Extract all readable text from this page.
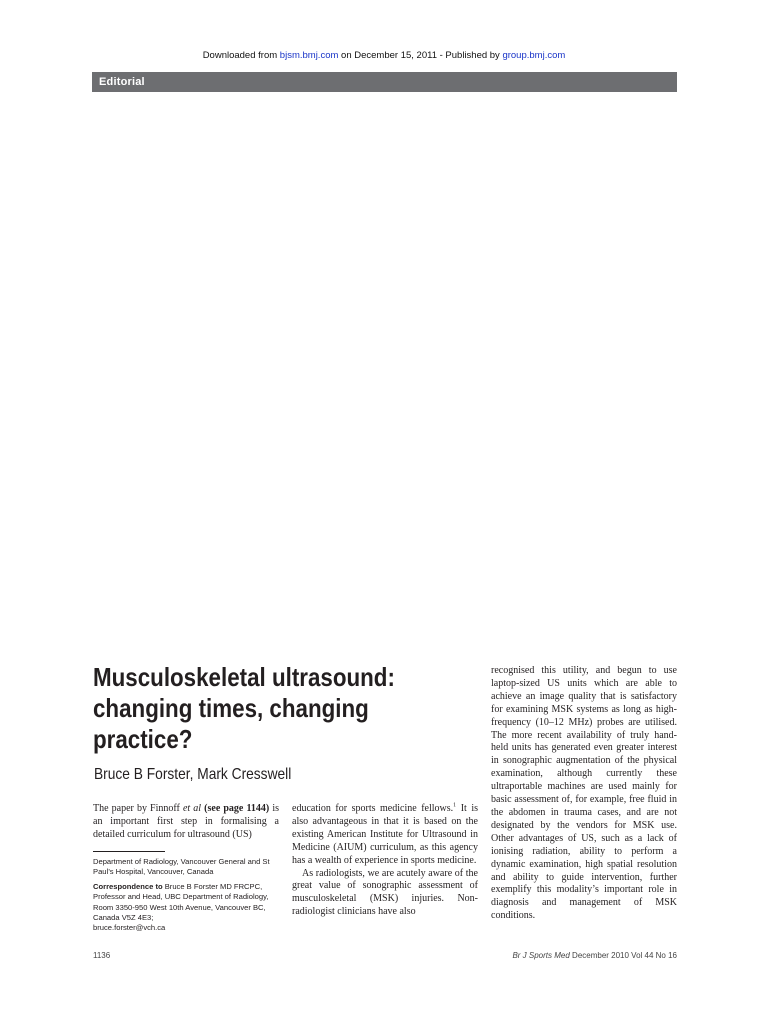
Downloaded from bjsm.bmj.com on December 15, 2011 - Published by group.bmj.com
Editorial
Musculoskeletal ultrasound:
changing times, changing
practice?
Bruce B Forster, Mark Cresswell

The paper by Finnoff et al (see page 1144) is an important first step in formalising a detailed curriculum for ultrasound (US)

Department of Radiology, Vancouver General and St Paul’s Hospital, Vancouver, Canada

Correspondence to Bruce B Forster MD FRCPC, Professor and Head, UBC Department of Radiology, Room 3350-950 West 10th Avenue, Vancouver BC, Canada V5Z 4E3;
bruce.forster@vch.ca

education for sports medicine fellows.$^1$ It is also advantageous in that it is based on the existing American Institute for Ultrasound in Medicine (AIUM) curriculum, as this agency has a wealth of experience in sports medicine.

As radiologists, we are acutely aware of the great value of sonographic assessment of musculoskeletal (MSK) injuries. Non-radiologist clinicians have also

recognised this utility, and begun to use laptop-sized US units which are able to achieve an image quality that is satisfactory for examining MSK systems as long as high-frequency (10–12 MHz) probes are utilised. The more recent availability of truly hand-held units has generated even greater interest in sonographic augmentation of the physical examination, although currently these ultraportable machines are used mainly for basic assessment of, for example, free fluid in the abdomen in trauma cases, and are not designated by the vendors for MSK use. Other advantages of US, such as a lack of ionising radiation, ability to perform a dynamic examination, high spatial resolution and ability to guide intervention, further exemplify this modality’s important role in diagnosis and management of MSK conditions.

1136	Br J Sports Med December 2010 Vol 44 No 16
